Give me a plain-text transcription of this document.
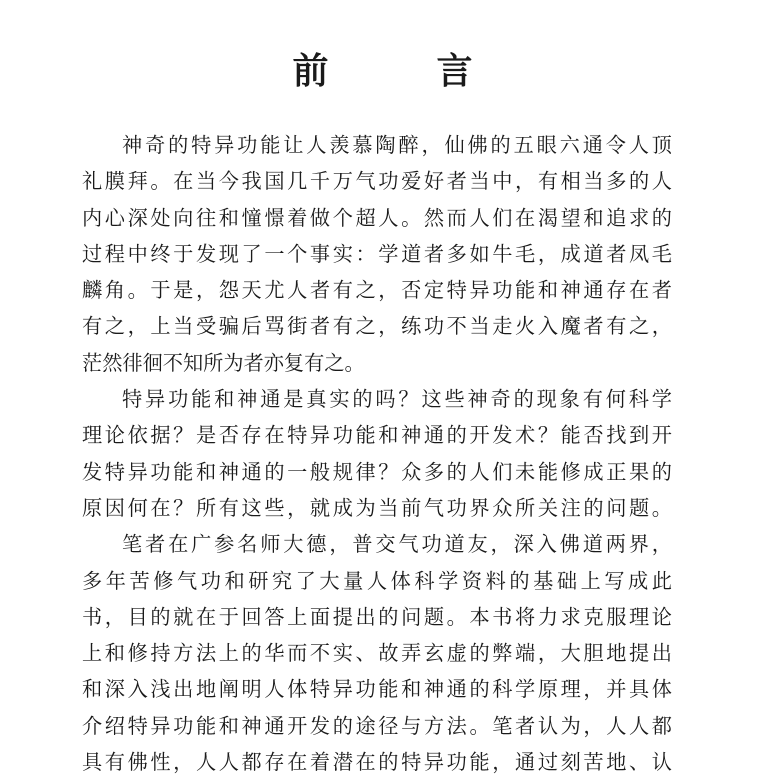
前　　　言
神奇的特异功能让人羡慕陶醉，仙佛的五眼六通令人顶
礼膜拜。在当今我国几千万气功爱好者当中，有相当多的人
内心深处向往和憧憬着做个超人。然而人们在渴望和追求的
过程中终于发现了一个事实：学道者多如牛毛，成道者凤毛
麟角。于是，怨天尤人者有之，否定特异功能和神通存在者
有之，上当受骗后骂街者有之，练功不当走火入魔者有之，
茫然徘徊不知所为者亦复有之。
特异功能和神通是真实的吗？这些神奇的现象有何科学
理论依据？是否存在特异功能和神通的开发术？能否找到开
发特异功能和神通的一般规律？众多的人们未能修成正果的
原因何在？所有这些，就成为当前气功界众所关注的问题。
笔者在广参名师大德，普交气功道友，深入佛道两界，
多年苦修气功和研究了大量人体科学资料的基础上写成此
书，目的就在于回答上面提出的问题。本书将力求克服理论
上和修持方法上的华而不实、故弄玄虚的弊端，大胆地提出
和深入浅出地阐明人体特异功能和神通的科学原理，并具体
介绍特异功能和神通开发的途径与方法。笔者认为，人人都
具有佛性，人人都存在着潜在的特异功能，通过刻苦地、认
